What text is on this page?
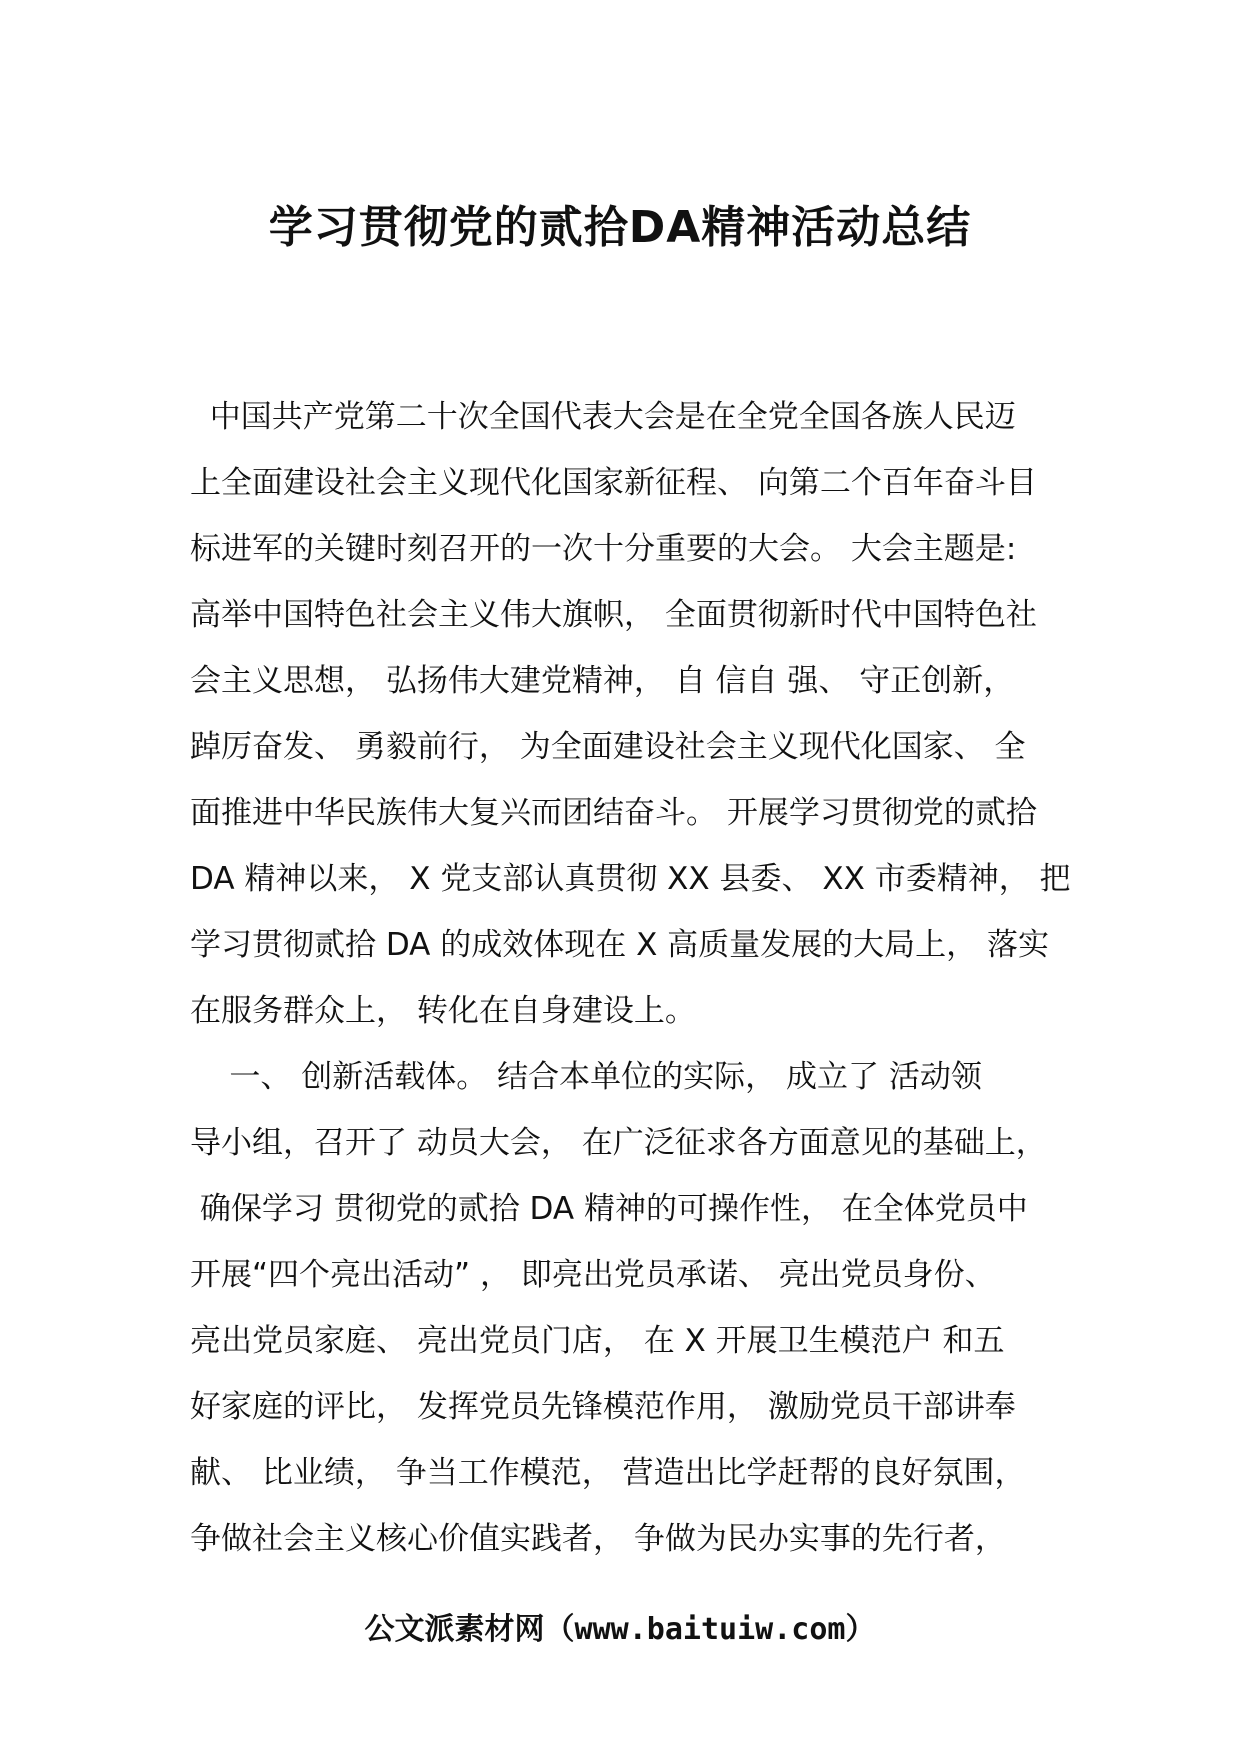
学习贯彻党的贰拾DA精神活动总结
中国共产党第二十次全国代表大会是在全党全国各族人民迈
上全面建设社会主义现代化国家新征程、 向第二个百年奋斗目
标进军的关键时刻召开的一次十分重要的大会。 大会主题是:
高举中国特色社会主义伟大旗帜， 全面贯彻新时代中国特色社
会主义思想， 弘扬伟大建党精神， 自 信自 强、 守正创新，
踔厉奋发、 勇毅前行， 为全面建设社会主义现代化国家、 全
面推进中华民族伟大复兴而团结奋斗。 开展学习贯彻党的贰拾
DA 精神以来， X 党支部认真贯彻 XX 县委、 XX 市委精神， 把
学习贯彻贰拾 DA 的成效体现在 X 高质量发展的大局上， 落实
在服务群众上， 转化在自身建设上。
一、 创新活载体。 结合本单位的实际， 成立了 活动领
导小组，召开了 动员大会， 在广泛征求各方面意见的基础上，
确保学习 贯彻党的贰拾 DA 精神的可操作性， 在全体党员中
开展“四个亮出活动” ， 即亮出党员承诺、 亮出党员身份、
亮出党员家庭、 亮出党员门店， 在 X 开展卫生模范户 和五
好家庭的评比， 发挥党员先锋模范作用， 激励党员干部讲奉
献、 比业绩， 争当工作模范， 营造出比学赶帮的良好氛围，
争做社会主义核心价值实践者， 争做为民办实事的先行者，
公文派素材网（www.baituiw.com）
